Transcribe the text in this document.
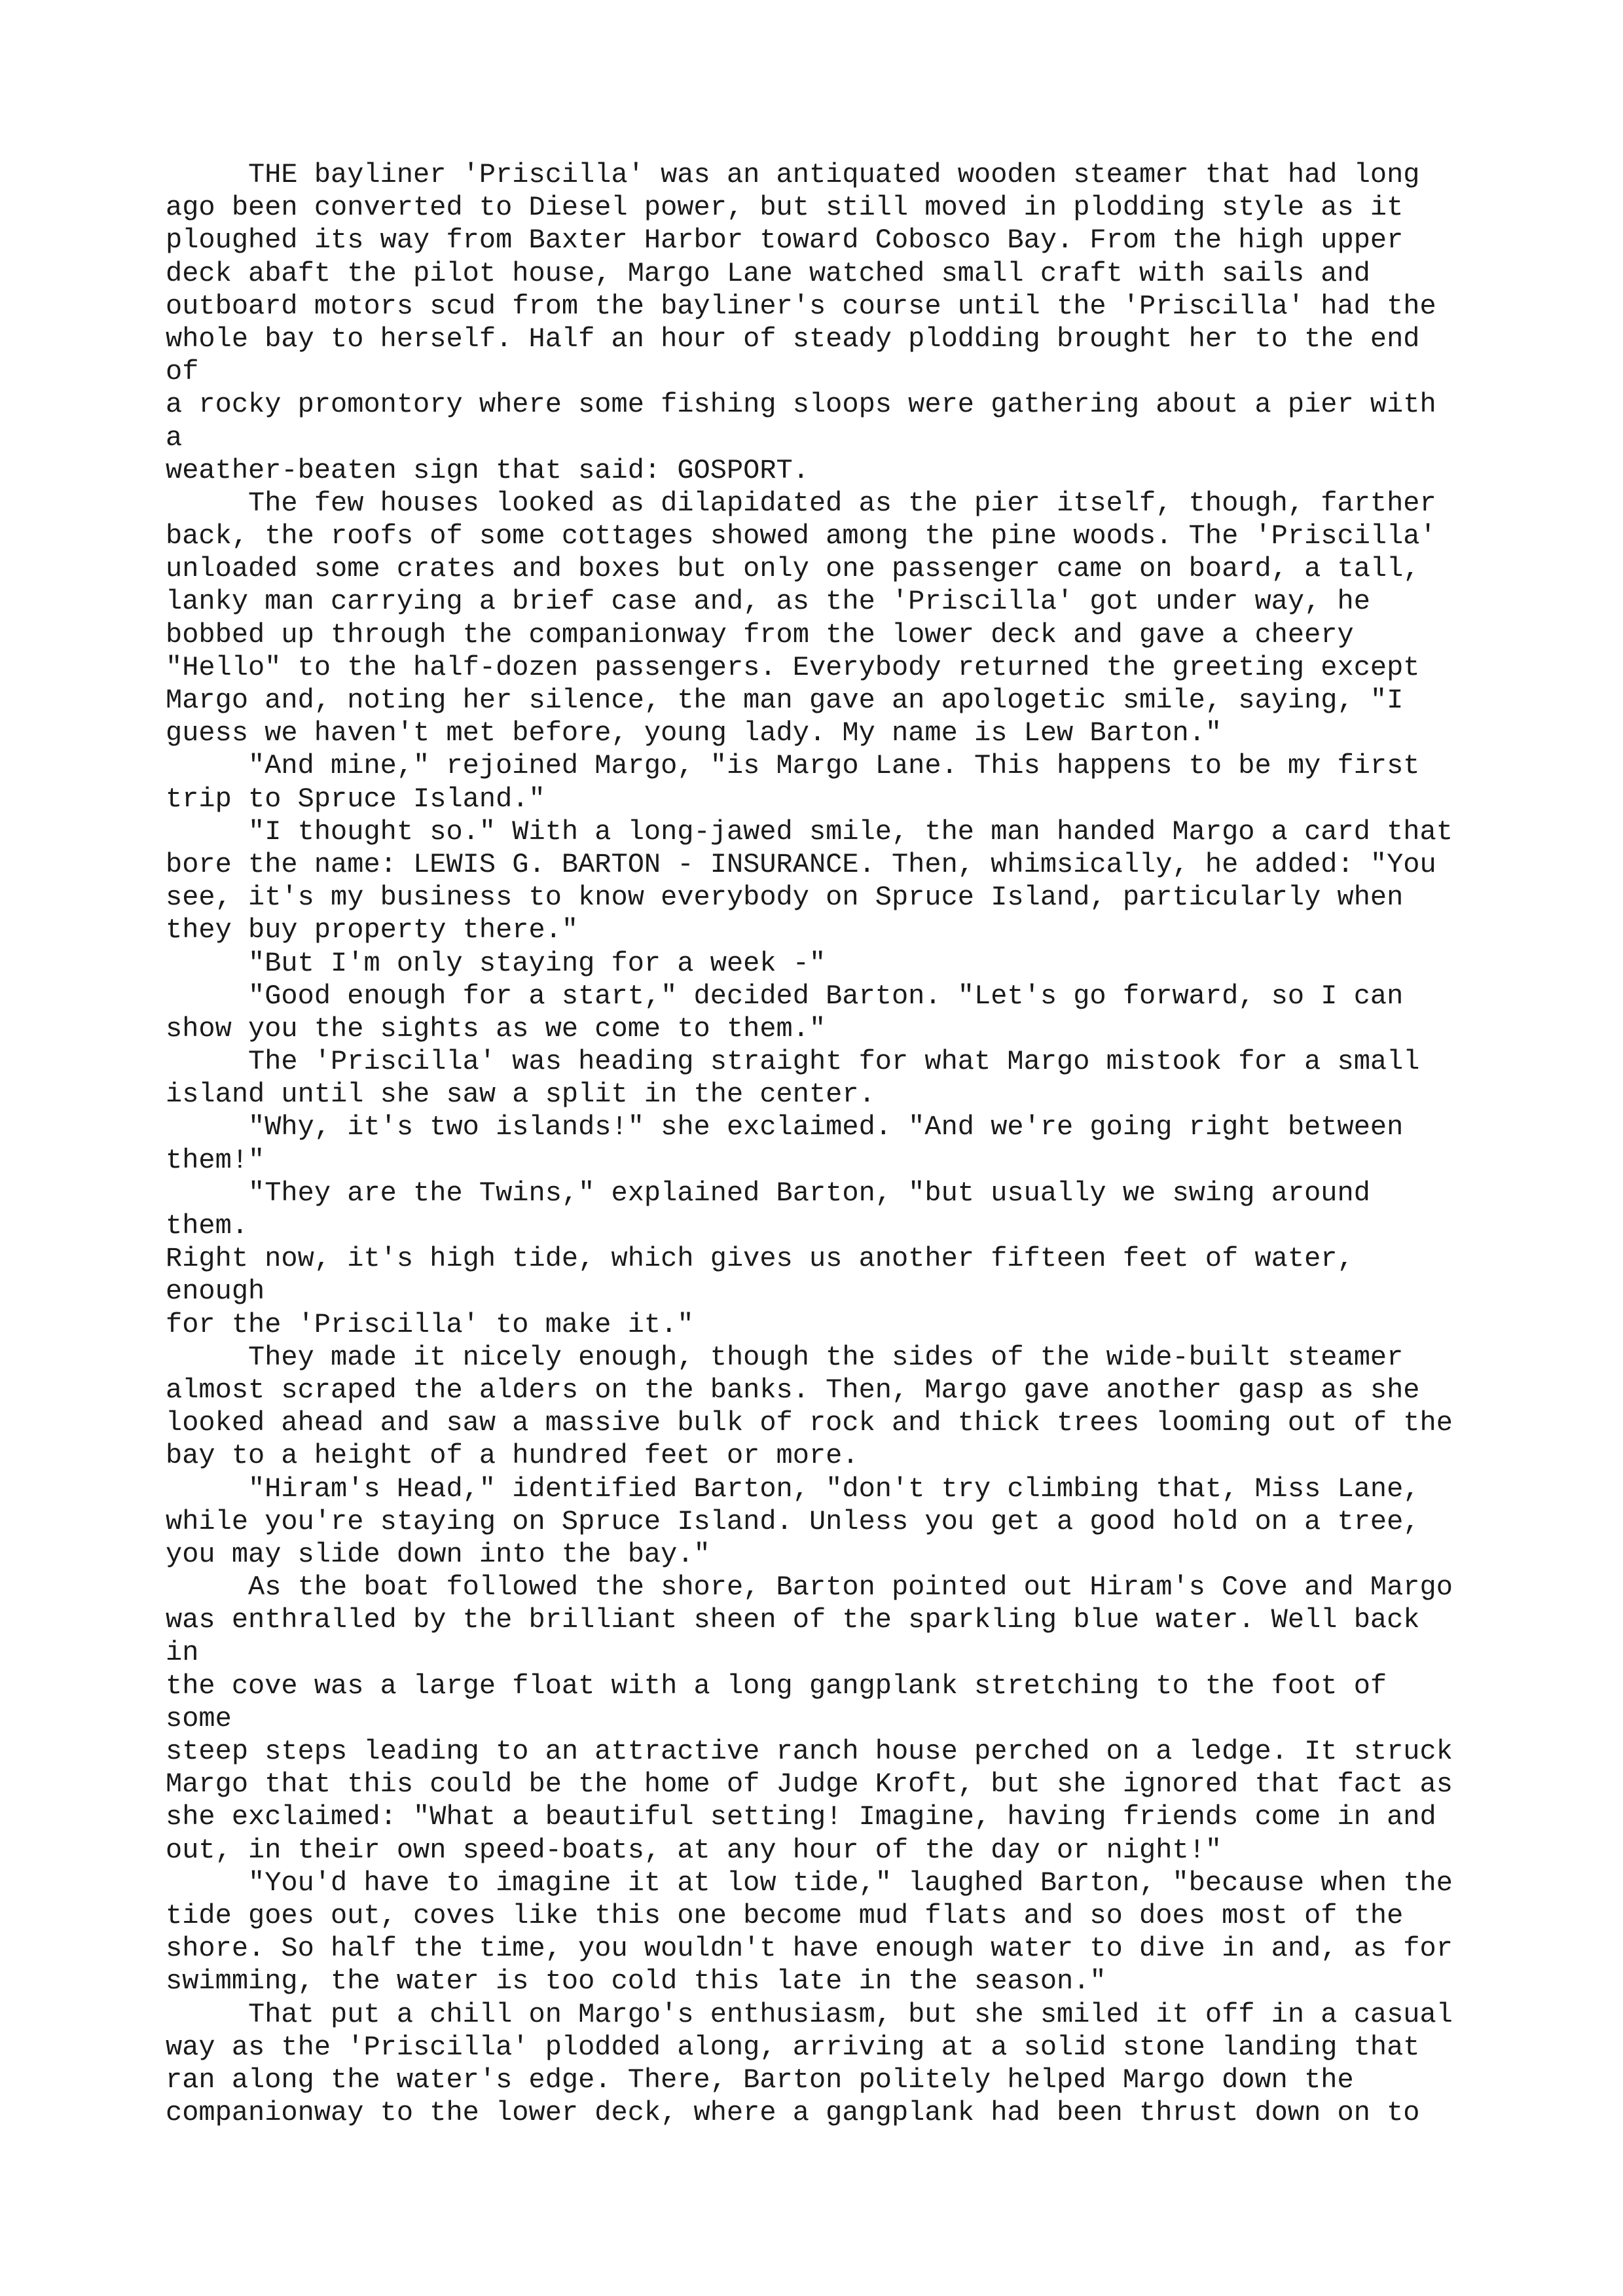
THE bayliner 'Priscilla' was an antiquated wooden steamer that had long
ago been converted to Diesel power, but still moved in plodding style as it
ploughed its way from Baxter Harbor toward Cobosco Bay. From the high upper
deck abaft the pilot house, Margo Lane watched small craft with sails and
outboard motors scud from the bayliner's course until the 'Priscilla' had the
whole bay to herself. Half an hour of steady plodding brought her to the end
of
a rocky promontory where some fishing sloops were gathering about a pier with
a
weather-beaten sign that said: GOSPORT.
The few houses looked as dilapidated as the pier itself, though, farther
back, the roofs of some cottages showed among the pine woods. The 'Priscilla'
unloaded some crates and boxes but only one passenger came on board, a tall,
lanky man carrying a brief case and, as the 'Priscilla' got under way, he
bobbed up through the companionway from the lower deck and gave a cheery
"Hello" to the half-dozen passengers. Everybody returned the greeting except
Margo and, noting her silence, the man gave an apologetic smile, saying, "I
guess we haven't met before, young lady. My name is Lew Barton."
"And mine," rejoined Margo, "is Margo Lane. This happens to be my first
trip to Spruce Island."
"I thought so." With a long-jawed smile, the man handed Margo a card that
bore the name: LEWIS G. BARTON - INSURANCE. Then, whimsically, he added: "You
see, it's my business to know everybody on Spruce Island, particularly when
they buy property there."
"But I'm only staying for a week -"
"Good enough for a start," decided Barton. "Let's go forward, so I can
show you the sights as we come to them."
The 'Priscilla' was heading straight for what Margo mistook for a small
island until she saw a split in the center.
"Why, it's two islands!" she exclaimed. "And we're going right between
them!"
"They are the Twins," explained Barton, "but usually we swing around
them.
Right now, it's high tide, which gives us another fifteen feet of water,
enough
for the 'Priscilla' to make it."
They made it nicely enough, though the sides of the wide-built steamer
almost scraped the alders on the banks. Then, Margo gave another gasp as she
looked ahead and saw a massive bulk of rock and thick trees looming out of the
bay to a height of a hundred feet or more.
"Hiram's Head," identified Barton, "don't try climbing that, Miss Lane,
while you're staying on Spruce Island. Unless you get a good hold on a tree,
you may slide down into the bay."
As the boat followed the shore, Barton pointed out Hiram's Cove and Margo
was enthralled by the brilliant sheen of the sparkling blue water. Well back
in
the cove was a large float with a long gangplank stretching to the foot of
some
steep steps leading to an attractive ranch house perched on a ledge. It struck
Margo that this could be the home of Judge Kroft, but she ignored that fact as
she exclaimed: "What a beautiful setting! Imagine, having friends come in and
out, in their own speed-boats, at any hour of the day or night!"
"You'd have to imagine it at low tide," laughed Barton, "because when the
tide goes out, coves like this one become mud flats and so does most of the
shore. So half the time, you wouldn't have enough water to dive in and, as for
swimming, the water is too cold this late in the season."
That put a chill on Margo's enthusiasm, but she smiled it off in a casual
way as the 'Priscilla' plodded along, arriving at a solid stone landing that
ran along the water's edge. There, Barton politely helped Margo down the
companionway to the lower deck, where a gangplank had been thrust down on to
